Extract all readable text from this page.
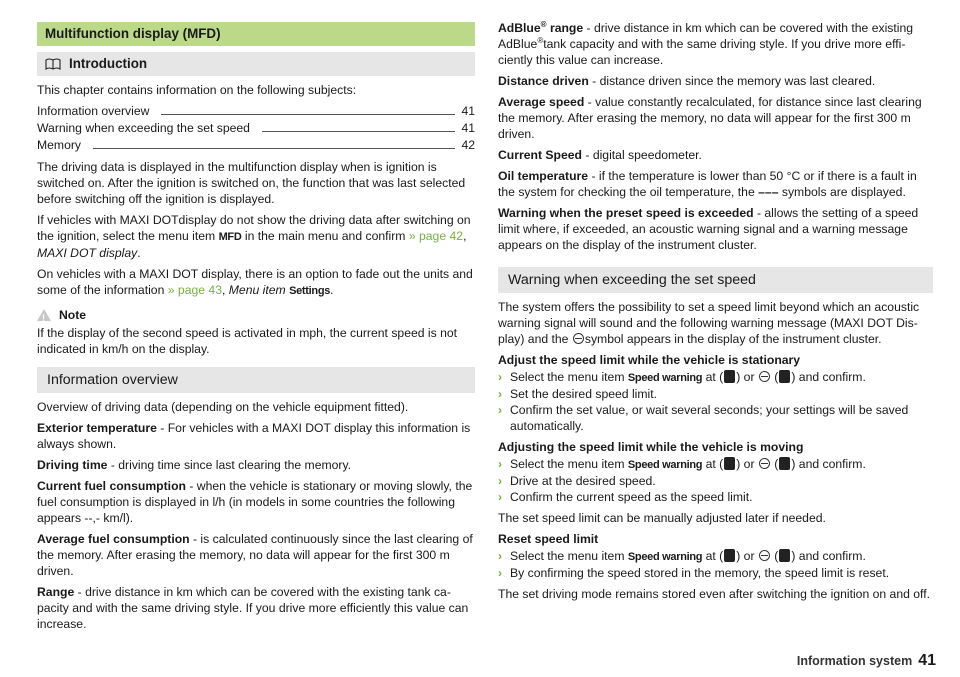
Multifunction display (MFD)
Introduction

This chapter contains information on the following subjects:

Information overview	41
Warning when exceeding the set speed	41
Memory	42

The driving data is displayed in the multifunction display when is ignition is switched on. After the ignition is switched on, the function that was last selected before switching off the ignition is displayed.

If vehicles with MAXI DOTdisplay do not show the driving data after switching on the ignition, select the menu item MFD in the main menu and confirm » page 42, MAXI DOT display.

On vehicles with a MAXI DOT display, there is an option to fade out the units and some of the information » page 43, Menu item Settings.

!
Note

If the display of the second speed is activated in mph, the current speed is not indicated in km/h on the display.

Information overview

Overview of driving data (depending on the vehicle equipment fitted).

Exterior temperature - For vehicles with a MAXI DOT display this information is always shown.

Driving time - driving time since last clearing the memory.

Current fuel consumption - when the vehicle is stationary or moving slowly, the fuel consumption is displayed in l/h (in models in some countries the following appears --,- km/l).

Average fuel consumption - is calculated continuously since the last clearing of the memory. After erasing the memory, no data will appear for the first 300 m driven.

Range - drive distance in km which can be covered with the existing tank capacity and with the same driving style. If you drive more efficiently this value can increase.

AdBlue® range - drive distance in km which can be covered with the existing AdBlue®tank capacity and with the same driving style. If you drive more efficiently this value can increase.

Distance driven - distance driven since the memory was last cleared.

Average speed - value constantly recalculated, for distance since last clearing the memory. After erasing the memory, no data will appear for the first 300 m driven.

Current Speed - digital speedometer.

Oil temperature - if the temperature is lower than 50 °C or if there is a fault in the system for checking the oil temperature, the ––– symbols are displayed.

Warning when the preset speed is exceeded - allows the setting of a speed limit where, if exceeded, an acoustic warning signal and a warning message appears on the display of the instrument cluster.

Warning when exceeding the set speed

The system offers the possibility to set a speed limit beyond which an acoustic warning signal will sound and the following warning message (MAXI DOT Display) and the symbol appears in the display of the instrument cluster.

Adjust the speed limit while the vehicle is stationary

› Select the menu item Speed warning at ( ) or  ( ) and confirm.
› Set the desired speed limit.
› Confirm the set value, or wait several seconds; your settings will be saved automatically.

Adjusting the speed limit while the vehicle is moving

› Select the menu item Speed warning at ( ) or  ( ) and confirm.
› Drive at the desired speed.
› Confirm the current speed as the speed limit.

The set speed limit can be manually adjusted later if needed.

Reset speed limit

› Select the menu item Speed warning at ( ) or  ( ) and confirm.
› By confirming the speed stored in the memory, the speed limit is reset.

The set driving mode remains stored even after switching the ignition on and off.

Information system 41
